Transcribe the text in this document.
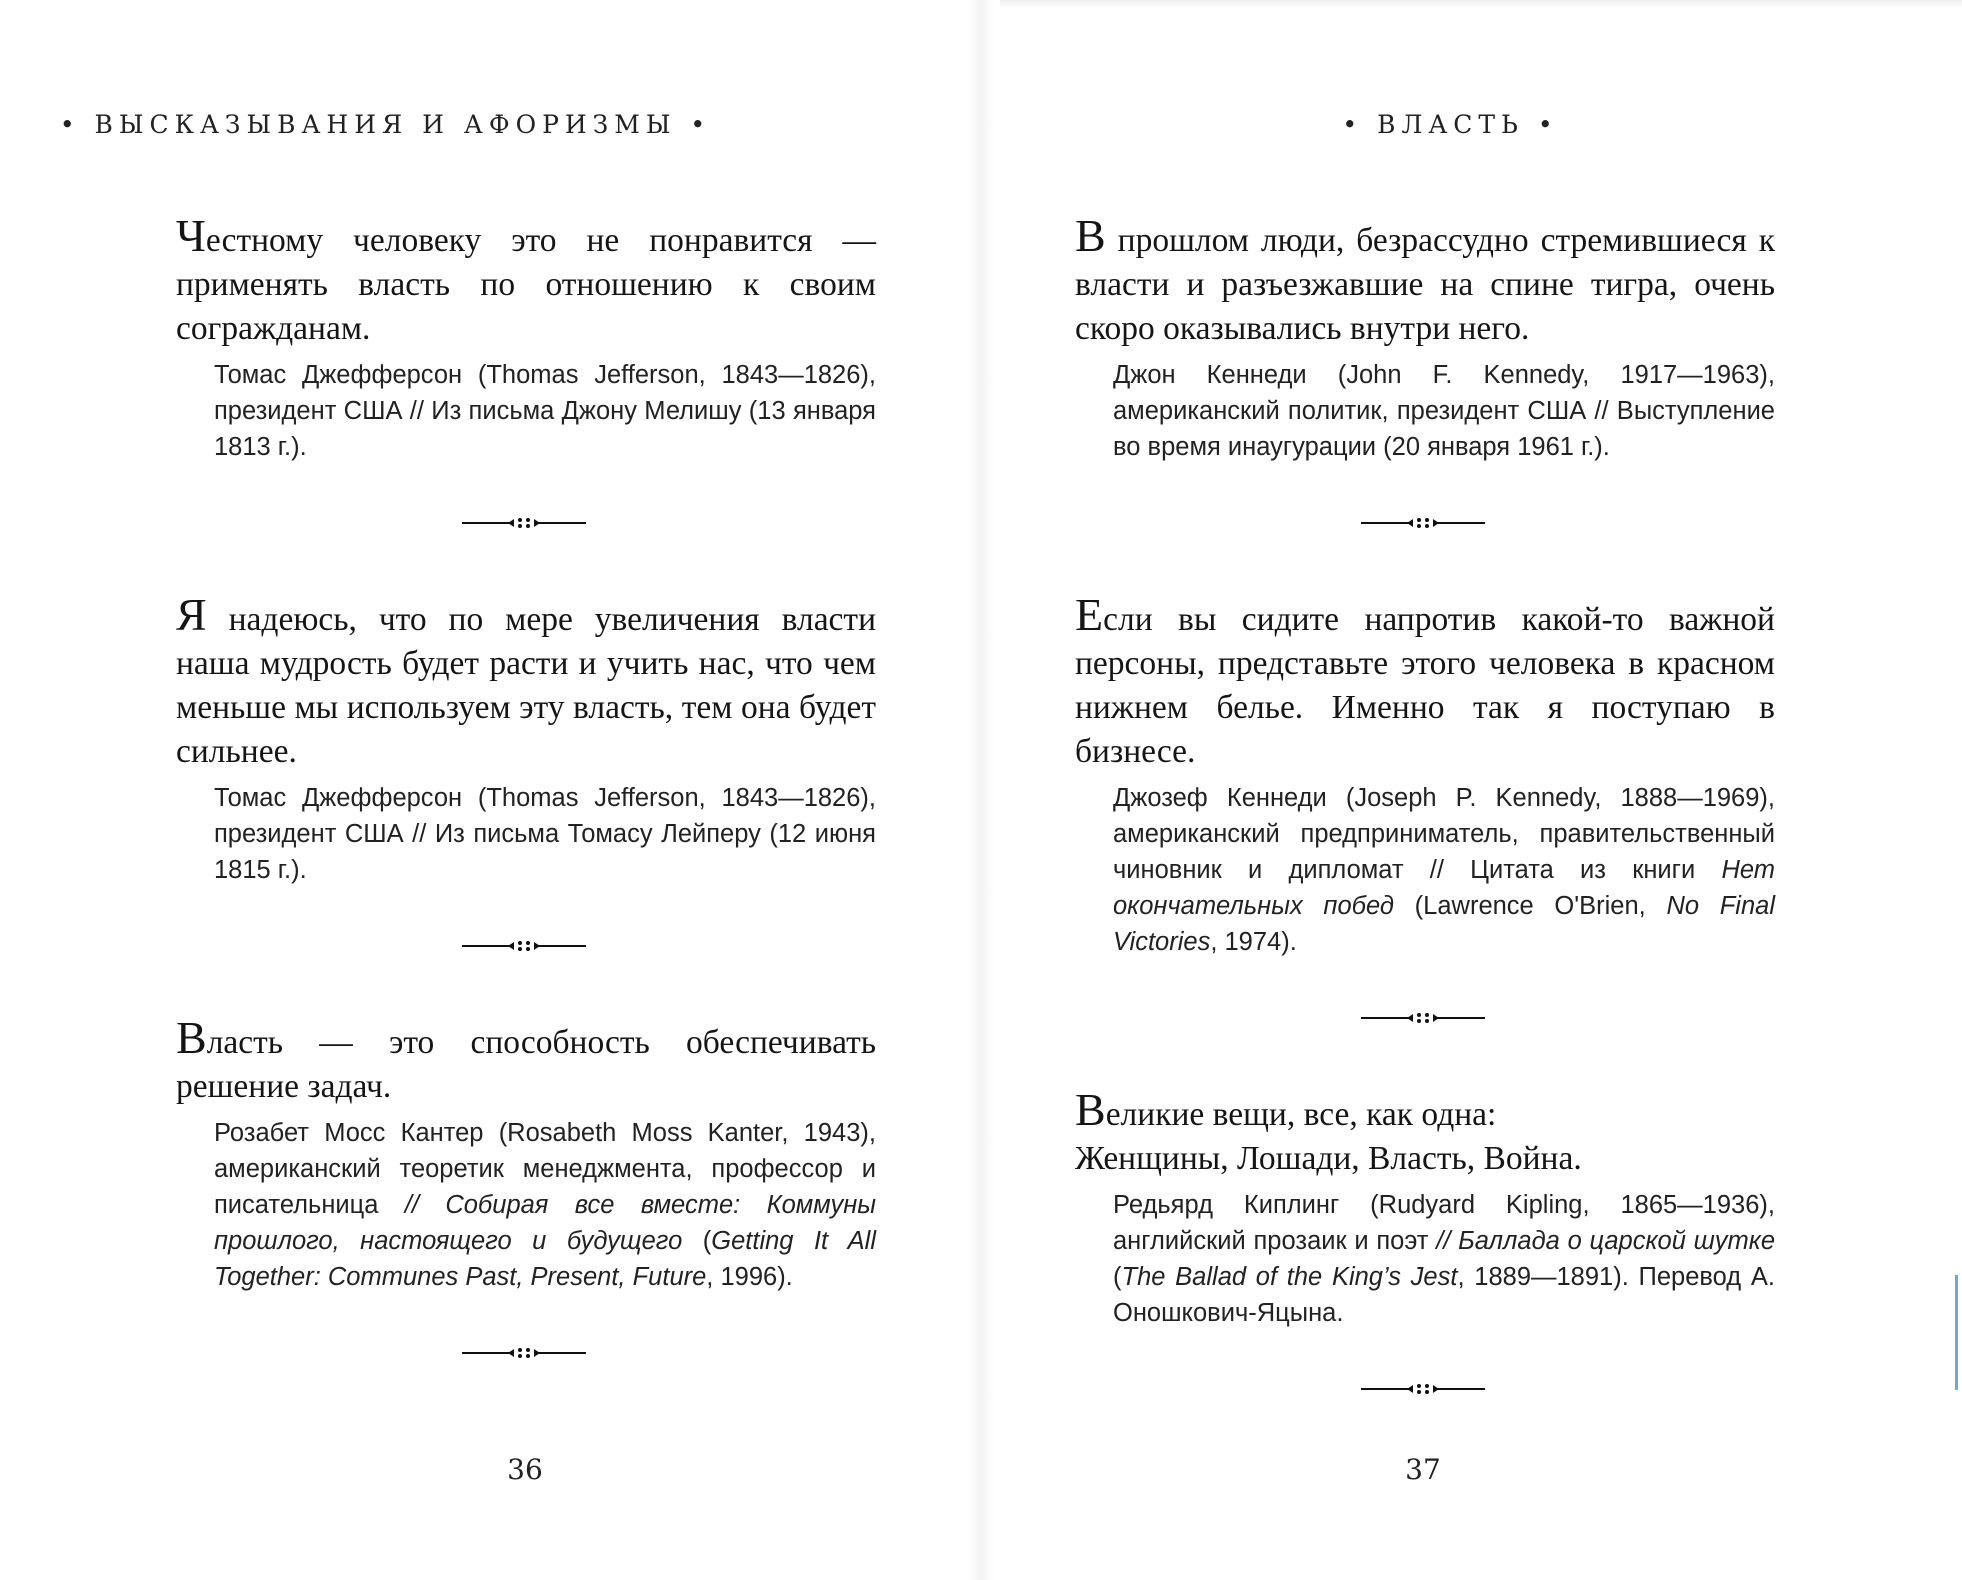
• ВЫСКАЗЫВАНИЯ И АФОРИЗМЫ •

Честному человеку это не понравится — применять власть по отношению к своим согражданам.

Томас Джефферсон (Thomas Jefferson, 1843—1826), президент США // Из письма Джону Мелишу (13 января 1813 г.).

Я надеюсь, что по мере увеличения власти наша мудрость будет расти и учить нас, что чем меньше мы используем эту власть, тем она будет сильнее.

Томас Джефферсон (Thomas Jefferson, 1843—1826), президент США // Из письма Томасу Лейперу (12 июня 1815 г.).

Власть — это способность обеспечивать решение задач.

Розабет Мосс Кантер (Rosabeth Moss Kanter, 1943), американский теоретик менеджмента, профессор и писательница // Собирая все вместе: Коммуны прошлого, настоящего и будущего (Getting It All Together: Communes Past, Present, Future, 1996).

36
• ВЛАСТЬ •

В прошлом люди, безрассудно стремившиеся к власти и разъезжавшие на спине тигра, очень скоро оказывались внутри него.

Джон Кеннеди (John F. Kennedy, 1917—1963), американский политик, президент США // Выступление во время инаугурации (20 января 1961 г.).

Если вы сидите напротив какой-то важной персоны, представьте этого человека в красном нижнем белье. Именно так я поступаю в бизнесе.

Джозеф Кеннеди (Joseph P. Kennedy, 1888—1969), американский предприниматель, правительственный чиновник и дипломат // Цитата из книги Нет окончательных побед (Lawrence O'Brien, No Final Victories, 1974).

Великие вещи, все, как одна:
Женщины, Лошади, Власть, Война.

Редьярд Киплинг (Rudyard Kipling, 1865—1936), английский прозаик и поэт // Баллада о царской шутке (The Ballad of the King’s Jest, 1889—1891). Перевод А. Оношкович-Яцына.

37
